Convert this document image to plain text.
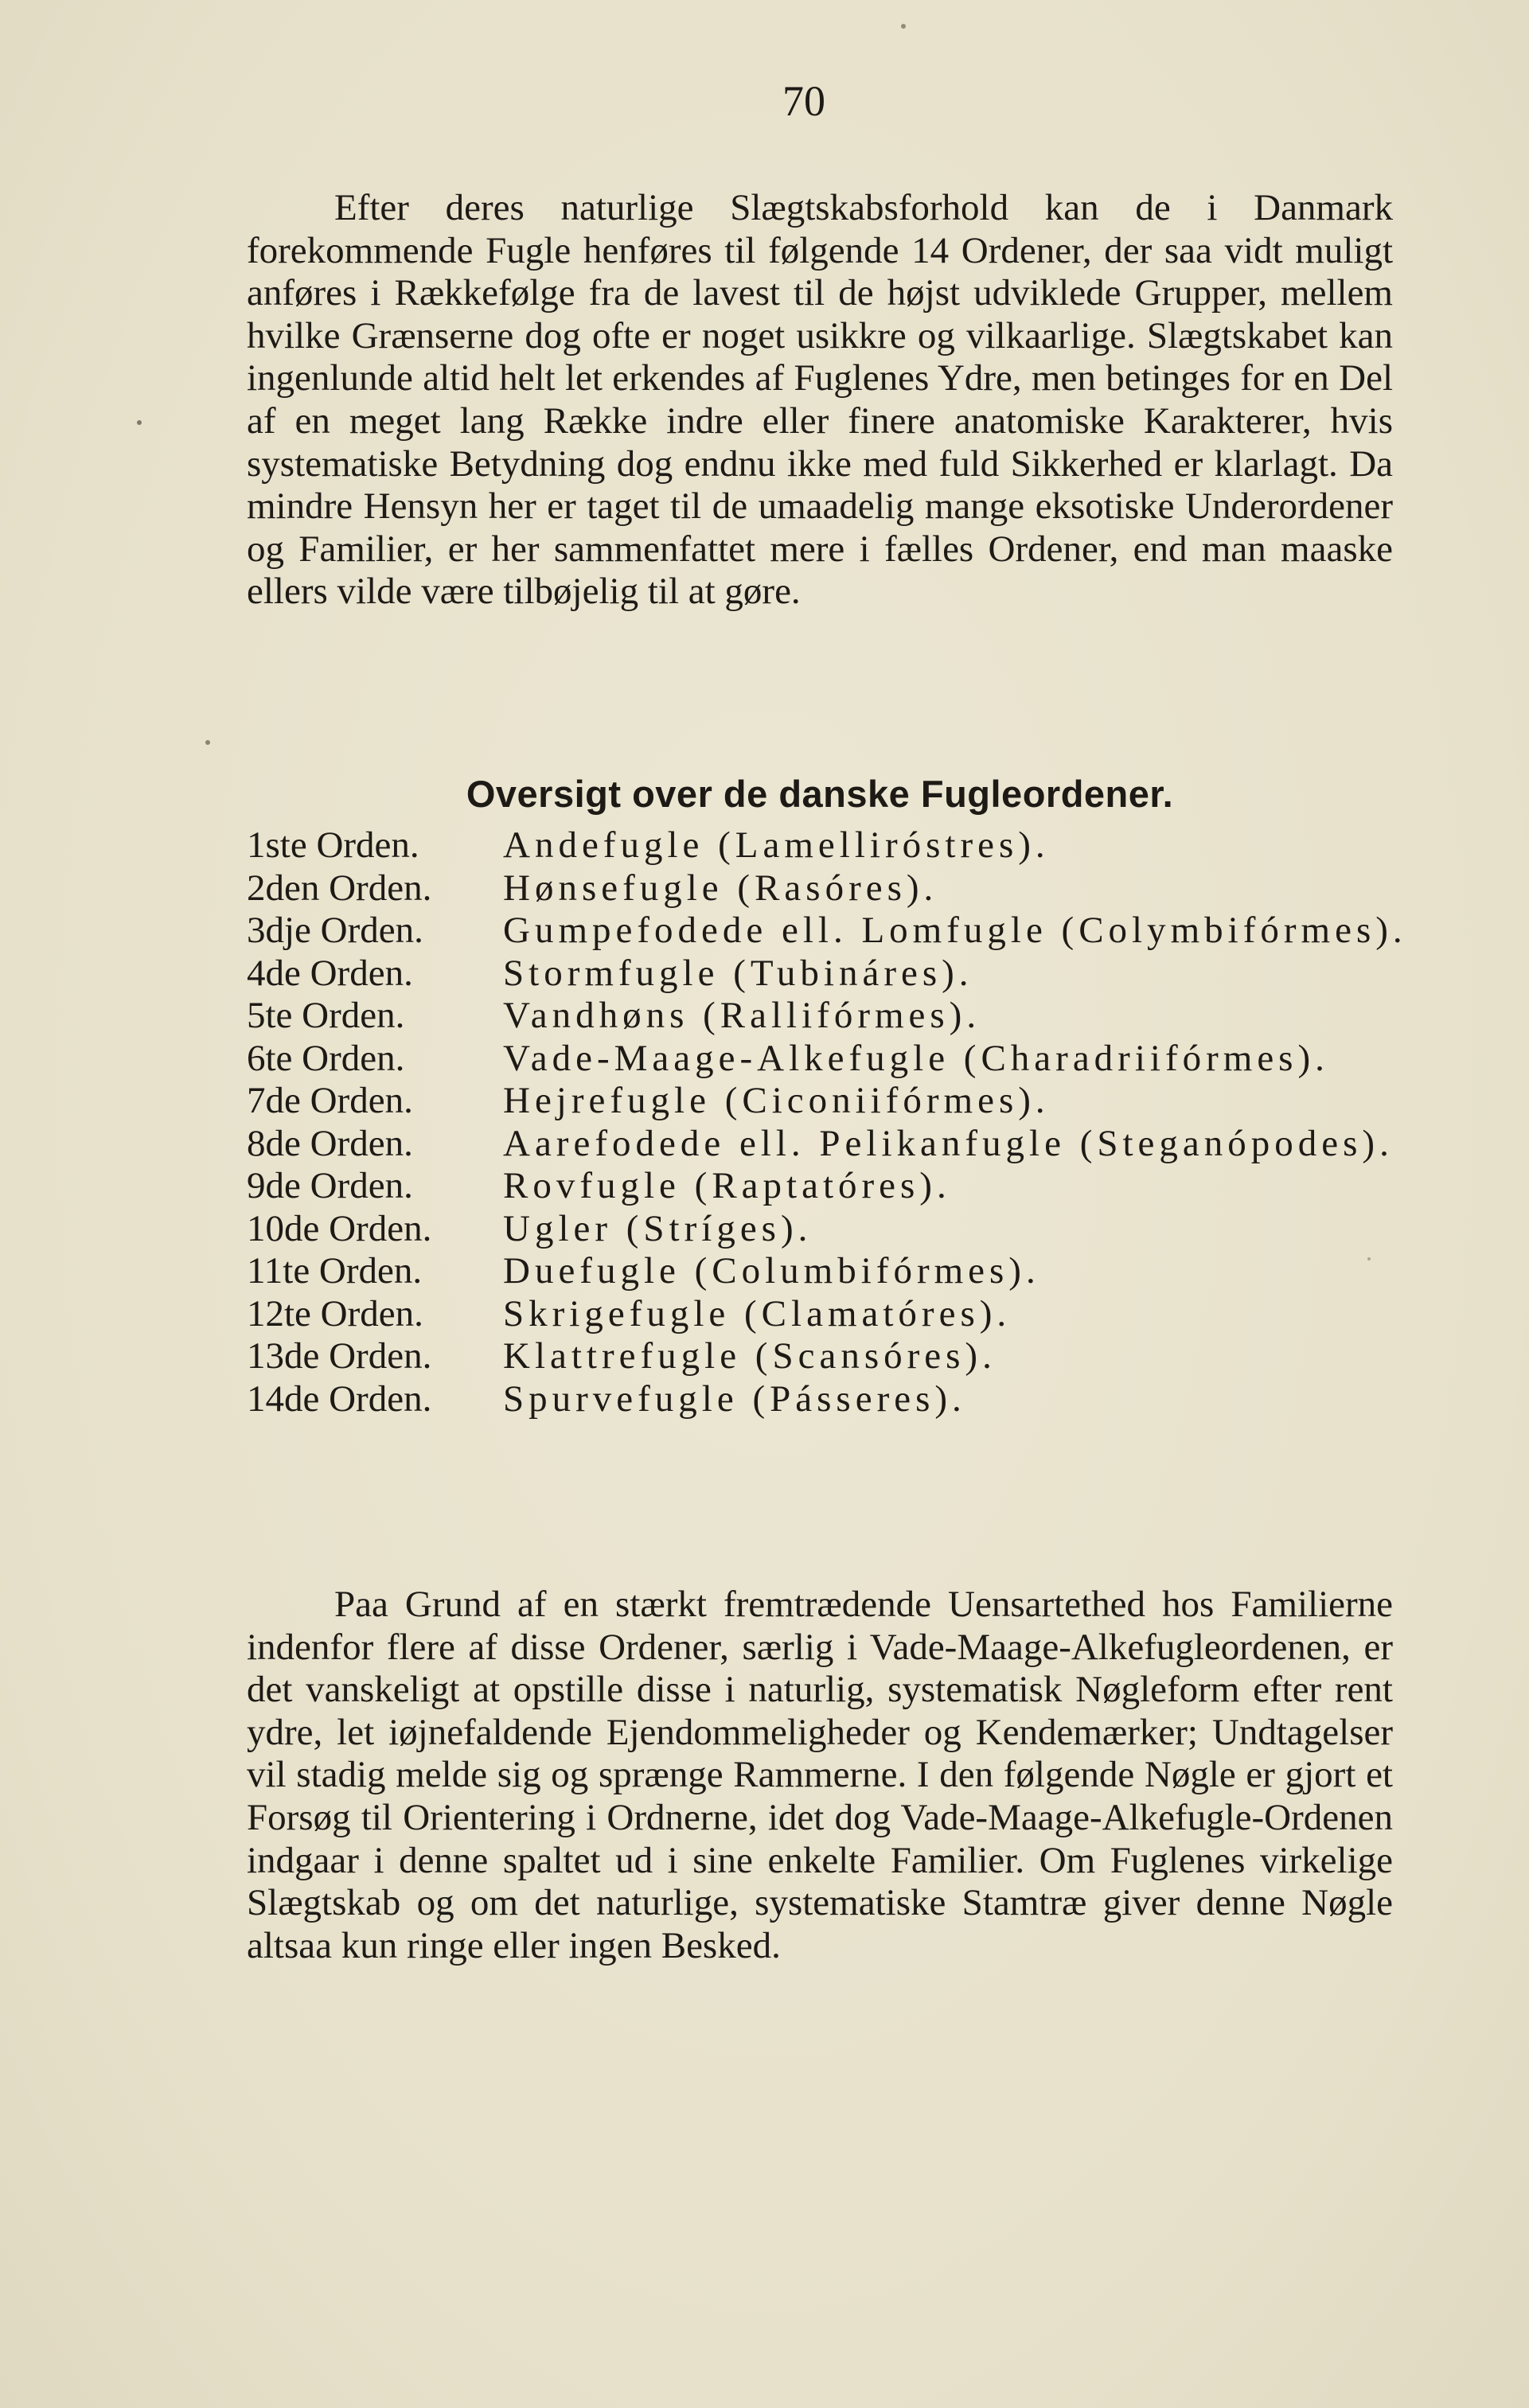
70

Efter deres naturlige Slægtskabsforhold kan de i Danmark forekommende Fugle henføres til følgende 14 Ordener, der saa vidt muligt anføres i Rækkefølge fra de lavest til de højst udviklede Grupper, mellem hvilke Grænserne dog ofte er noget usikkre og vilkaarlige. Slægtskabet kan ingenlunde altid helt let erkendes af Fuglenes Ydre, men betinges for en Del af en meget lang Række indre eller finere anatomiske Karakterer, hvis systematiske Betydning dog endnu ikke med fuld Sikkerhed er klarlagt. Da mindre Hensyn her er taget til de umaadelig mange eksotiske Underordener og Familier, er her sammenfattet mere i fælles Ordener, end man maaske ellers vilde være tilbøjelig til at gøre.

Oversigt over de danske Fugleordener.
1ste Orden.	Andefugle (Lamelliróstres).
2den Orden.	Hønsefugle (Rasóres).
3dje Orden.	Gumpefodede ell. Lomfugle (Colymbifórmes).
4de Orden.	Stormfugle (Tubináres).
5te Orden.	Vandhøns (Rallifórmes).
6te Orden.	Vade-Maage-Alkefugle (Charadriifórmes).
7de Orden.	Hejrefugle (Ciconiifórmes).
8de Orden.	Aarefodede ell. Pelikanfugle (Steganópodes).
9de Orden.	Rovfugle (Raptatóres).
10de Orden.	Ugler (Stríges).
11te Orden.	Duefugle (Columbifórmes).
12te Orden.	Skrigefugle (Clamatóres).
13de Orden.	Klattrefugle (Scansóres).
14de Orden.	Spurvefugle (Pásseres).

Paa Grund af en stærkt fremtrædende Uensartethed hos Familierne indenfor flere af disse Ordener, særlig i Vade-Maage-Alkefugleordenen, er det vanskeligt at opstille disse i naturlig, systematisk Nøgleform efter rent ydre, let iøjnefaldende Ejendommeligheder og Kendemærker; Undtagelser vil stadig melde sig og sprænge Rammerne. I den følgende Nøgle er gjort et Forsøg til Orientering i Ordnerne, idet dog Vade-Maage-Alkefugle-Ordenen indgaar i denne spaltet ud i sine enkelte Familier. Om Fuglenes virkelige Slægtskab og om det naturlige, systematiske Stamtræ giver denne Nøgle altsaa kun ringe eller ingen Besked.
